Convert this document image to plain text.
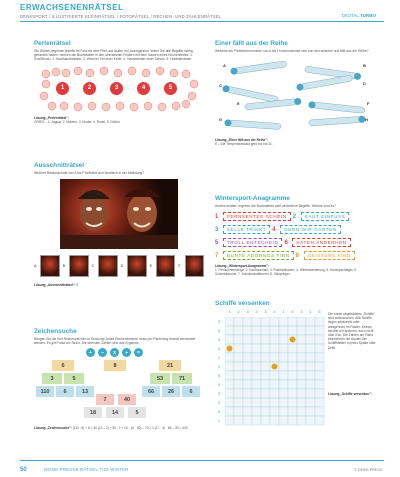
ERWACHSENENRÄTSEL
DENKSPORT / ILLUSTRIERTE KLEINRÄTSEL / FOTORÄTSEL / RECHEN- UND ZAHLENRÄTSEL	DIGITAL TURBO
Perlenrätsel
Die Wörter beginnen jeweils im Feld mit dem Pfeil und laufen im Uhrzeigersinn. Wenn Sie alle Begriffe richtig gefunden haben, nennen die Buchstaben in den übersetzten Feldern mit dem Namen eines Kirchenfestes. 1. Großfürstin, 2. Kaufhausbesitzer, 3. Welcher Teil einer Kette, 4. Hausmeister einer Schule, 5. Huldelehäuser
1	2	3	4	5
Lösung „Perlenrätsel":
GRIEG – 1. Jaguar, 2. Mauern, 3. Kinder, 4. Rodel, 5. Gelöst
Einer fällt aus der Reihe
Welches der Fieberthermometer von A bis H unterscheidet sich von den anderen und fällt aus der Reihe?
A	B
C	D
E	F
G	H
Lösung „Einer fällt aus der Reihe":
E – Die Temperaturskala geht nur bis 41.
Ausschnitträtsel
Welcher Bildausschnitt von A bis F befindet sich identisch in der Abbildung?
A	B	C	D	E	F
Lösung „Ausschnitträtsel": E
Wintersport-Anagramme
Anders sortiert, ergeben die Buchstaben acht winterliche Begriffe. Welche sind es?
1	FERNSEHTEE SCHEIN	2	KAUT EINFUSS
3	SELLE TRINKT	4	DENN WIR GARTEN
5	TROLL ENTSCHEID	6	KATEN ANDERHEN
7	BUNTE ADORNOS FIRN	8	GEISTERS KIND
Lösung „Wintersport-Anagramme":
1. Fehlschneehänge, 2. Kaufraumlauf, 3. Rodelartkarten, 4. Winterwanderung, 5. Hockeyschläger, 6. Schneekanone, 7. Snowboardfahrerin, 8. Skispringer
Zeichensuche
Bringen Sie die fünf Rechenzeichen in Ordnung! Jedes Rechenzeichen muss pro Rechnung einmal verwendet werden. Es gilt Punkt vor Strich. Die obersten Zahlen sind das Ergebnis.
+	–	x	÷	=
6	8	21
3	5	53	71
110	6	13	66	26	6
7	40
18	14	5
Lösung „Zeichensuche": (110 : 5) + 8 = 30 (13 – 2) = 50 ; 7 + 16 – (8 · 40) – 70 = 1 (17 · 4) · 66 – 30 = 443
Schiffe versenken
3	2	3	3	3	4	1	6	3	1	6
3
5
3
4
1
2
5
3
3
3
5
1
Die unten abgebildeten „Schiffe" sind aufzusuchen. Alle Schiffe liegen senkrecht oder waagerecht im Raster. Keines berührt ein anderes, auch nicht über Eck. Die Zahlen am Rand bezeichnen die Anzahl der Schiffsfelder in jeder Spalte oder Zeile.
Lösung „Schiffe versenken":
50	DEINE PRESSE RÄTSEL 7/23 WINTER	© DEIKE PRESS
